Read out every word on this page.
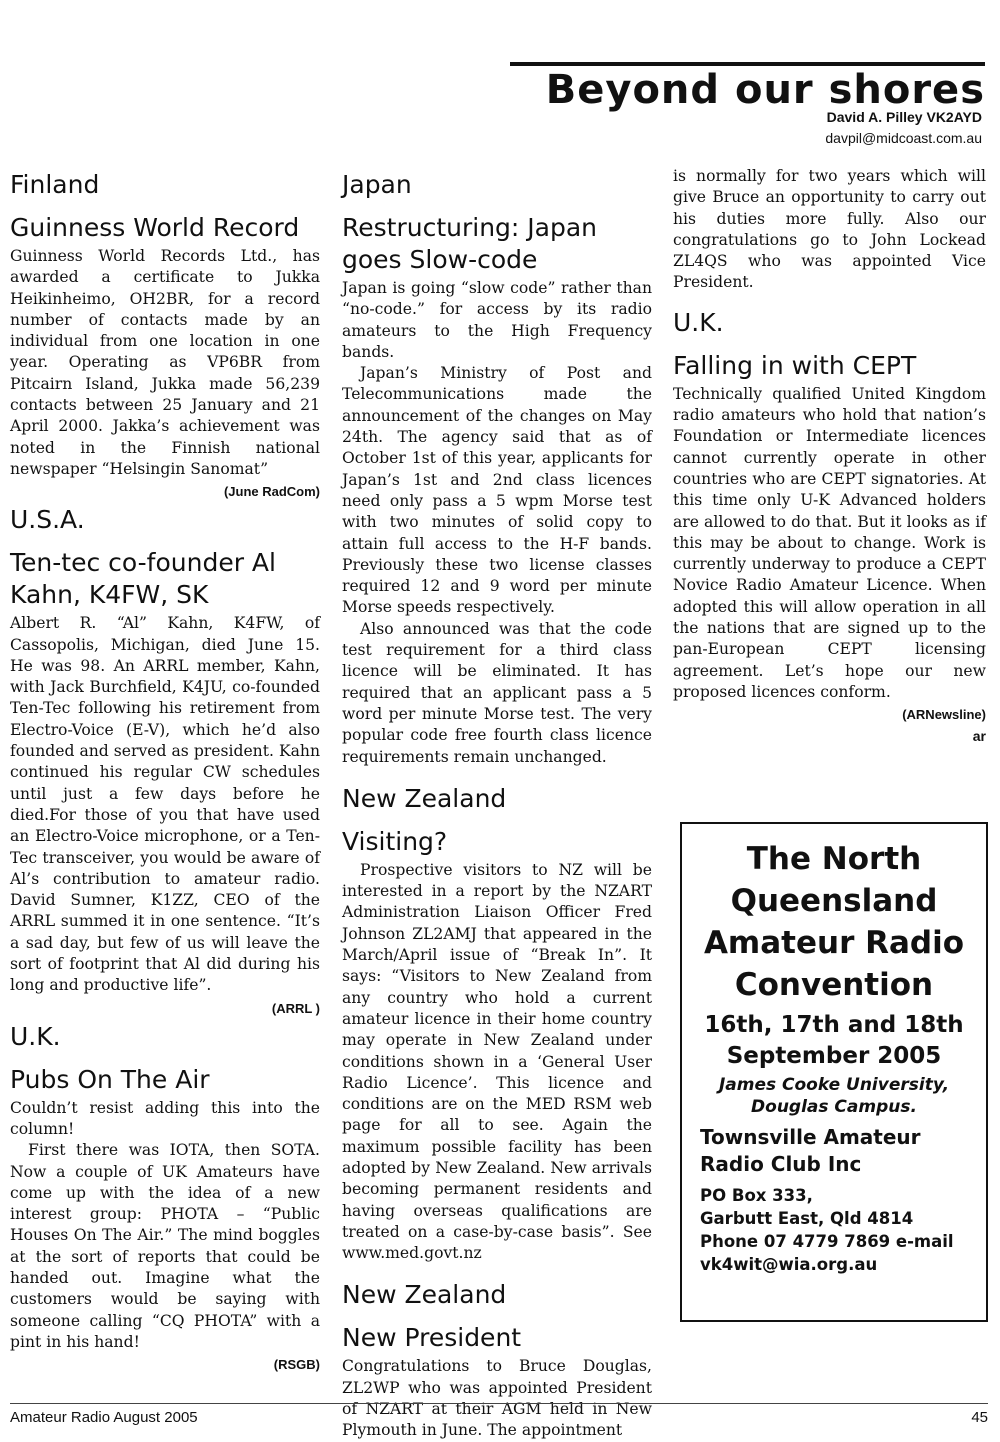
Beyond our shores
David A. Pilley VK2AYD
davpil@midcoast.com.au
Finland
Guinness World Record
Guinness World Records Ltd., has awarded a certificate to Jukka Heikinheimo, OH2BR, for a record number of contacts made by an individual from one location in one year. Operating as VP6BR from Pitcairn Island, Jukka made 56,239 contacts between 25 January and 21 April 2000. Jakka’s achievement was noted in the Finnish national newspaper “Helsingin Sanomat”
(June RadCom)
U.S.A.
Ten-tec co-founder Al Kahn, K4FW, SK
Albert R. “Al” Kahn, K4FW, of Cassopolis, Michigan, died June 15. He was 98. An ARRL member, Kahn, with Jack Burchfield, K4JU, co-founded Ten-Tec following his retirement from Electro-Voice (E-V), which he’d also founded and served as president. Kahn continued his regular CW schedules until just a few days before he died.For those of you that have used an Electro-Voice microphone, or a Ten-Tec transceiver, you would be aware of Al’s contribution to amateur radio. David Sumner, K1ZZ, CEO of the ARRL summed it in one sentence. “It’s a sad day, but few of us will leave the sort of footprint that Al did during his long and productive life”.
(ARRL )
U.K.
Pubs On The Air

Couldn’t resist adding this into the column!

First there was IOTA, then SOTA. Now a couple of UK Amateurs have come up with the idea of a new interest group: PHOTA – “Public Houses On The Air.” The mind boggles at the sort of reports that could be handed out. Imagine what the customers would be saying with someone calling “CQ PHOTA” with a pint in his hand!

(RSGB)
Japan
Restructuring: Japan goes Slow-code

Japan is going “slow code” rather than “no-code.” for access by its radio amateurs to the High Frequency bands.

Japan’s Ministry of Post and Telecommunications made the announcement of the changes on May 24th. The agency said that as of October 1st of this year, applicants for Japan’s 1st and 2nd class licences need only pass a 5 wpm Morse test with two minutes of solid copy to attain full access to the H-F bands. Previously these two license classes required 12 and 9 word per minute Morse speeds respectively.

Also announced was that the code test requirement for a third class licence will be eliminated. It has required that an applicant pass a 5 word per minute Morse test. The very popular code free fourth class licence requirements remain unchanged.

New Zealand
Visiting?

Prospective visitors to NZ will be interested in a report by the NZART Administration Liaison Officer Fred Johnson ZL2AMJ that appeared in the March/April issue of “Break In”. It says: “Visitors to New Zealand from any country who hold a current amateur licence in their home country may operate in New Zealand under conditions shown in a ‘General User Radio Licence’. This licence and conditions are on the MED RSM web page for all to see. Again the maximum possible facility has been adopted by New Zealand. New arrivals becoming permanent residents and having overseas qualifications are treated on a case-by-case basis”. See www.med.govt.nz

New Zealand
New President
Congratulations to Bruce Douglas, ZL2WP who was appointed President of NZART at their AGM held in New Plymouth in June. The appointment
is normally for two years which will give Bruce an opportunity to carry out his duties more fully. Also our congratulations go to John Lockead ZL4QS who was appointed Vice President.
U.K.
Falling in with CEPT
Technically qualified United Kingdom radio amateurs who hold that nation’s Foundation or Intermediate licences cannot currently operate in other countries who are CEPT signatories. At this time only U-K Advanced holders are allowed to do that. But it looks as if this may be about to change. Work is currently underway to produce a CEPT Novice Radio Amateur Licence. When adopted this will allow operation in all the nations that are signed up to the pan-European CEPT licensing agreement. Let’s hope our new proposed licences conform.
(ARNewsline)
ar
The North Queensland Amateur Radio Convention
16th, 17th and 18th September 2005
James Cooke University, Douglas Campus.
Townsville Amateur Radio Club Inc
PO Box 333,
Garbutt East, Qld 4814
Phone 07 4779 7869 e-mail
vk4wit@wia.org.au
Amateur Radio August 2005	45
